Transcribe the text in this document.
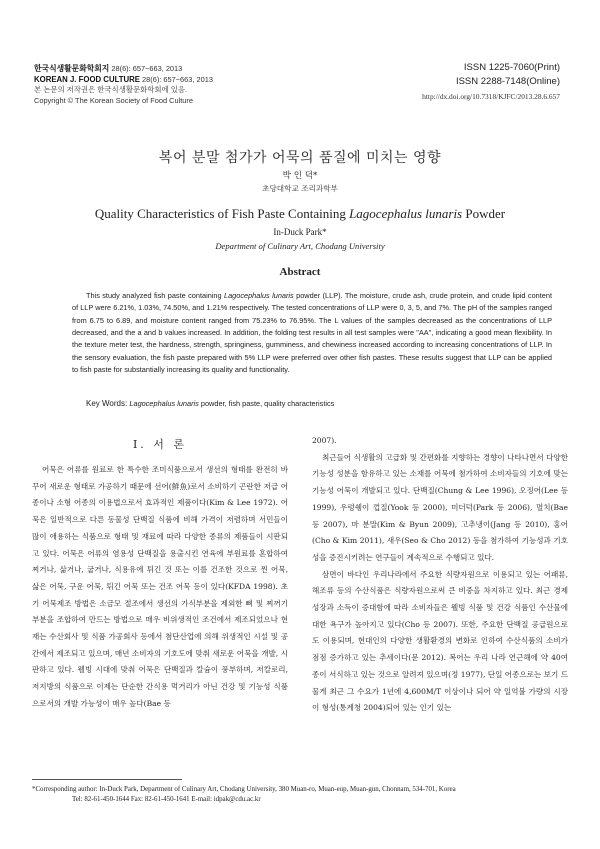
한국식생활문화학회지 28(6): 657~663, 2013
KOREAN J. FOOD CULTURE 28(6): 657~663, 2013
본 논문의 저작권은 한국식생활문화학회에 있음.
Copyright © The Korean Society of Food Culture
ISSN 1225-7060(Print)
ISSN 2288-7148(Online)
http://dx.doi.org/10.7318/KJFC/2013.28.6.657
복어 분말 첨가가 어묵의 품질에 미치는 영향
박 인 덕*
초당대학교 조리과학부
Quality Characteristics of Fish Paste Containing Lagocephalus lunaris Powder
In-Duck Park*
Department of Culinary Art, Chodang University
Abstract

This study analyzed fish paste containing Lagocephalus lunaris powder (LLP). The moisture, crude ash, crude protein, and crude lipid content of LLP were 6.21%, 1.03%, 74.50%, and 1.21% respectively. The tested concentrations of LLP were 0, 3, 5, and 7%. The pH of the samples ranged from 6.75 to 6.89, and moisture content ranged from 75.23% to 76.95%. The L values of the samples decreased as the concentrations of LLP decreased, and the a and b values increased. In addition, the folding test results in all test samples were "AA", indicating a good mean flexibility. In the texture meter test, the hardness, strength, springiness, gumminess, and chewiness increased according to increasing concentrations of LLP. In the sensory evaluation, the fish paste prepared with 5% LLP were preferred over other fish pastes. These results suggest that LLP can be applied to fish paste for substantially increasing its quality and functionality.

Key Words: Lagocephalus lunaris powder, fish paste, quality characteristics
Ⅰ. 서 론

어묵은 어류를 원료로 한 특수한 조미식품으로서 생선의 형태를 완전히 바꾸어 새로운 형태로 가공하기 때문에 선어(鮮魚)로서 소비하기 곤란한 저급 어종이나 소형 어종의 이용법으로서 효과적인 제품이다(Kim & Lee 1972). 어묵은 일반적으로 다른 동물성 단백질 식품에 비해 가격이 저렴하며 서민들이 많이 애용하는 식품으로 형태 및 재료에 따라 다양한 종류의 제품들이 시판되고 있다. 어묵은 어류의 염용성 단백질을 용출시킨 연육에 부원료를 혼합하여 찌거나, 삶거나, 굽거나, 식용유에 튀긴 것 또는 이를 건조한 것으로 찐 어묵, 삶은 어묵, 구운 어묵, 튀긴 어묵 또는 건조 어묵 등이 있다(KFDA 1998). 초기 어묵제조 방법은 소금모 절조에서 생선의 가식부분을 제외한 뼈 및 찌꺼기 부분을 조합하여 만드는 방법으로 매우 비위생적인 조건에서 제조되었으나 현재는 수산회사 및 식품 가공회사 등에서 첨단산업에 의해 위생적인 시설 및 공간에서 제조되고 있으며, 매년 소비자의 기호도에 맞춰 새로운 어묵을 개발, 시판하고 있다. 웰빙 시대에 맞춰 어묵은 단백질과 칼슘이 풍부하며, 저칼로리, 저지방의 식품으로 이제는 단순한 간식용 먹거리가 아닌 건강 및 기능성 식품으로서의 개발 가능성이 매우 높다(Bae 등

2007).

최근들어 식생활의 고급화 및 간편화를 지향하는 경향이 나타나면서 다양한 기능성 성분을 함유하고 있는 소재를 어묵에 첨가하여 소비자들의 기호에 맞는 기능성 어묵이 개발되고 있다. 단백질(Chung & Lee 1996), 오징어(Lee 등 1999), 우렁쉥이 껍질(Yook 등 2000), 미더덕(Park 등 2006), 멸치(Bae 등 2007), 마 분말(Kim & Byun 2009), 고추냉이(Jang 등 2010), 홍어(Cho & Kim 2011), 새우(Seo & Cho 2012) 등을 첨가하여 기능성과 기호성을 증진시키려는 연구들이 계속적으로 수행되고 있다.

삼면이 바다인 우리나라에서 주요한 식량자원으로 이용되고 있는 어패류, 해조류 등의 수산식품은 식량자원으로써 큰 비중을 차지하고 있다. 최근 경제 성장과 소득이 증대함에 따라 소비자들은 웰빙 식품 및 건강 식품인 수산물에 대한 욕구가 높아지고 있다(Cho 등 2007). 또한, 주요한 단백질 공급원으로도 이용되며, 현대인의 다양한 생활환경의 변화로 인하여 수산식품의 소비가 점점 증가하고 있는 추세이다(문 2012). 복어는 우리 나라 연근해에 약 40여종이 서식하고 있는 것으로 알려져 있으며(정 1977), 단일 어종으로는 보기 드물게 최근 그 수요가 1년에 4,600M/T 이상이나 되어 약 일억불 가량의 시장이 형성(통계청 2004)되어 있는 인기 있는

*Corresponding author: In-Duck Park, Department of Culinary Art, Chodang University, 380 Muan-ro, Muan-eup, Muan-gun, Chonnam, 534-701, Korea
Tel: 82-61-450-1644 Fax: 82-61-450-1641 E-mail: idpak@cdu.ac.kr
